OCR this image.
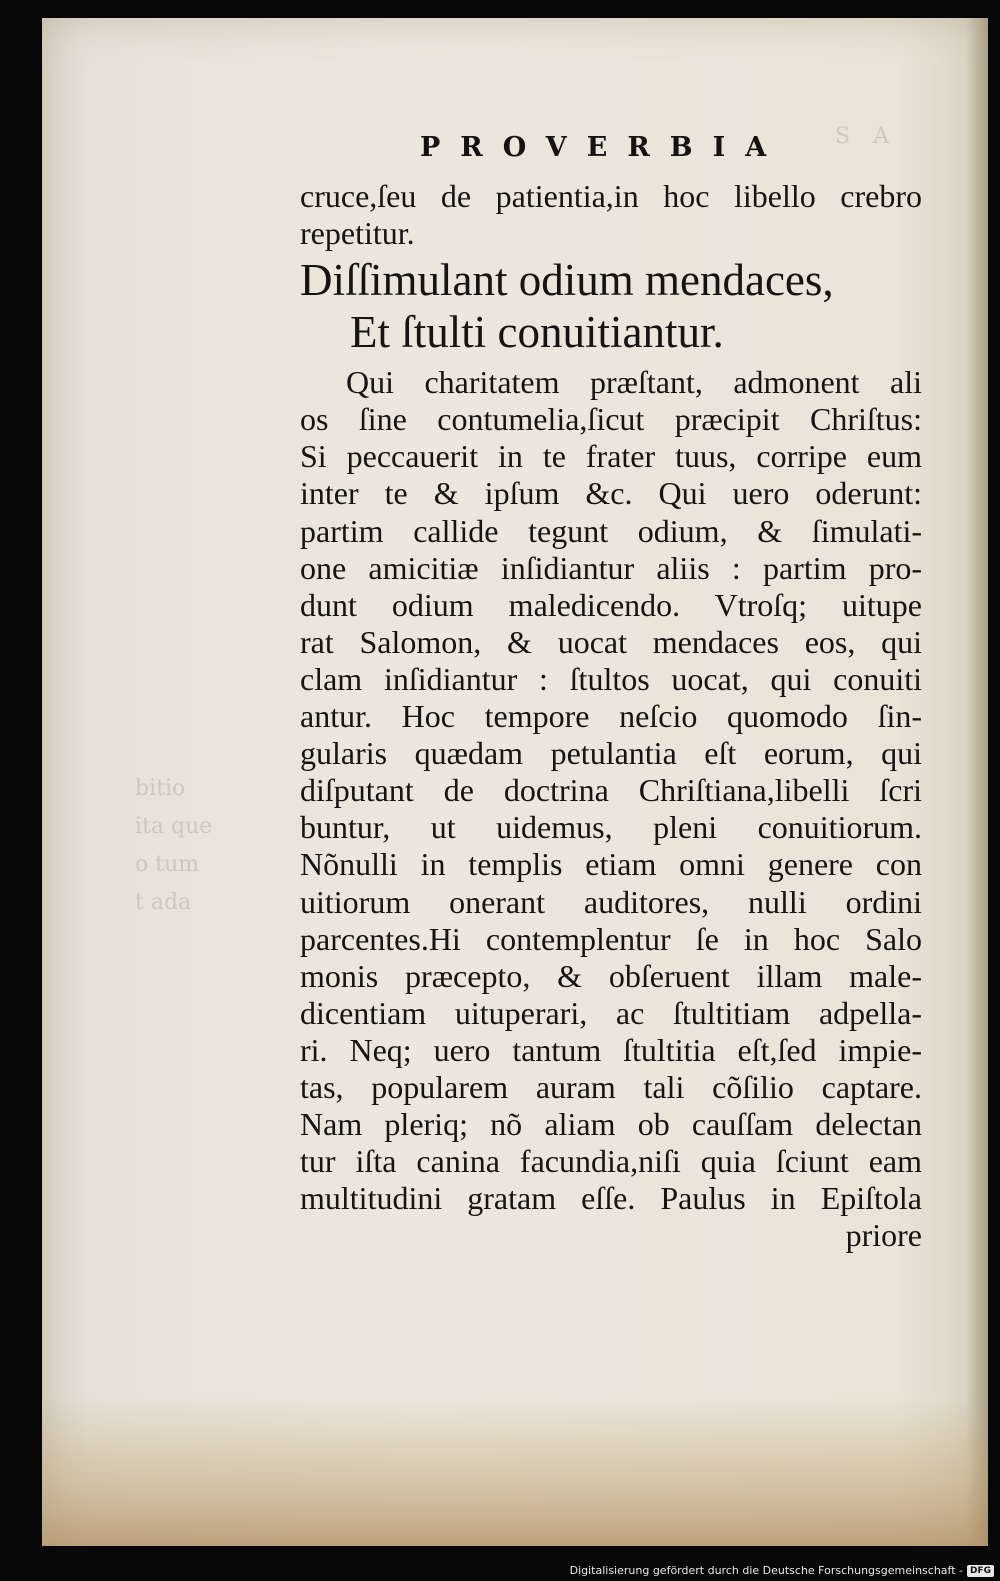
S A
bitio
ita que
o tum
t ada
PROVERBIA
cruce,ſeu de patientia,in hoc libello crebro
repetitur.
Diſſimulant odium mendaces,
Et ſtulti conuitiantur.
Qui charitatem præſtant, admonent ali
os ſine contumelia,ſicut præcipit Chriſtus:
Si peccauerit in te frater tuus, corripe eum
inter te & ipſum &c. Qui uero oderunt:
partim callide tegunt odium, & ſimulati-
one amicitiæ inſidiantur aliis : partim pro-
dunt odium maledicendo. Vtroſq; uitupe
rat Salomon, & uocat mendaces eos, qui
clam inſidiantur : ſtultos uocat, qui conuiti
antur. Hoc tempore neſcio quomodo ſin-
gularis quædam petulantia eſt eorum, qui
diſputant de doctrina Chriſtiana,libelli ſcri
buntur, ut uidemus, pleni conuitiorum.
Nõnulli in templis etiam omni genere con
uitiorum onerant auditores, nulli ordini
parcentes.Hi contemplentur ſe in hoc Salo
monis præcepto, & obſeruent illam male-
dicentiam uituperari, ac ſtultitiam adpella-
ri. Neq; uero tantum ſtultitia eſt,ſed impie-
tas, popularem auram tali cõſilio captare.
Nam pleriq; nõ aliam ob cauſſam delectan
tur iſta canina facundia,niſi quia ſciunt eam
multitudini gratam eſſe. Paulus in Epiſtola
priore
Digitalisierung gefördert durch die Deutsche Forschungsgemeinschaft - DFG
